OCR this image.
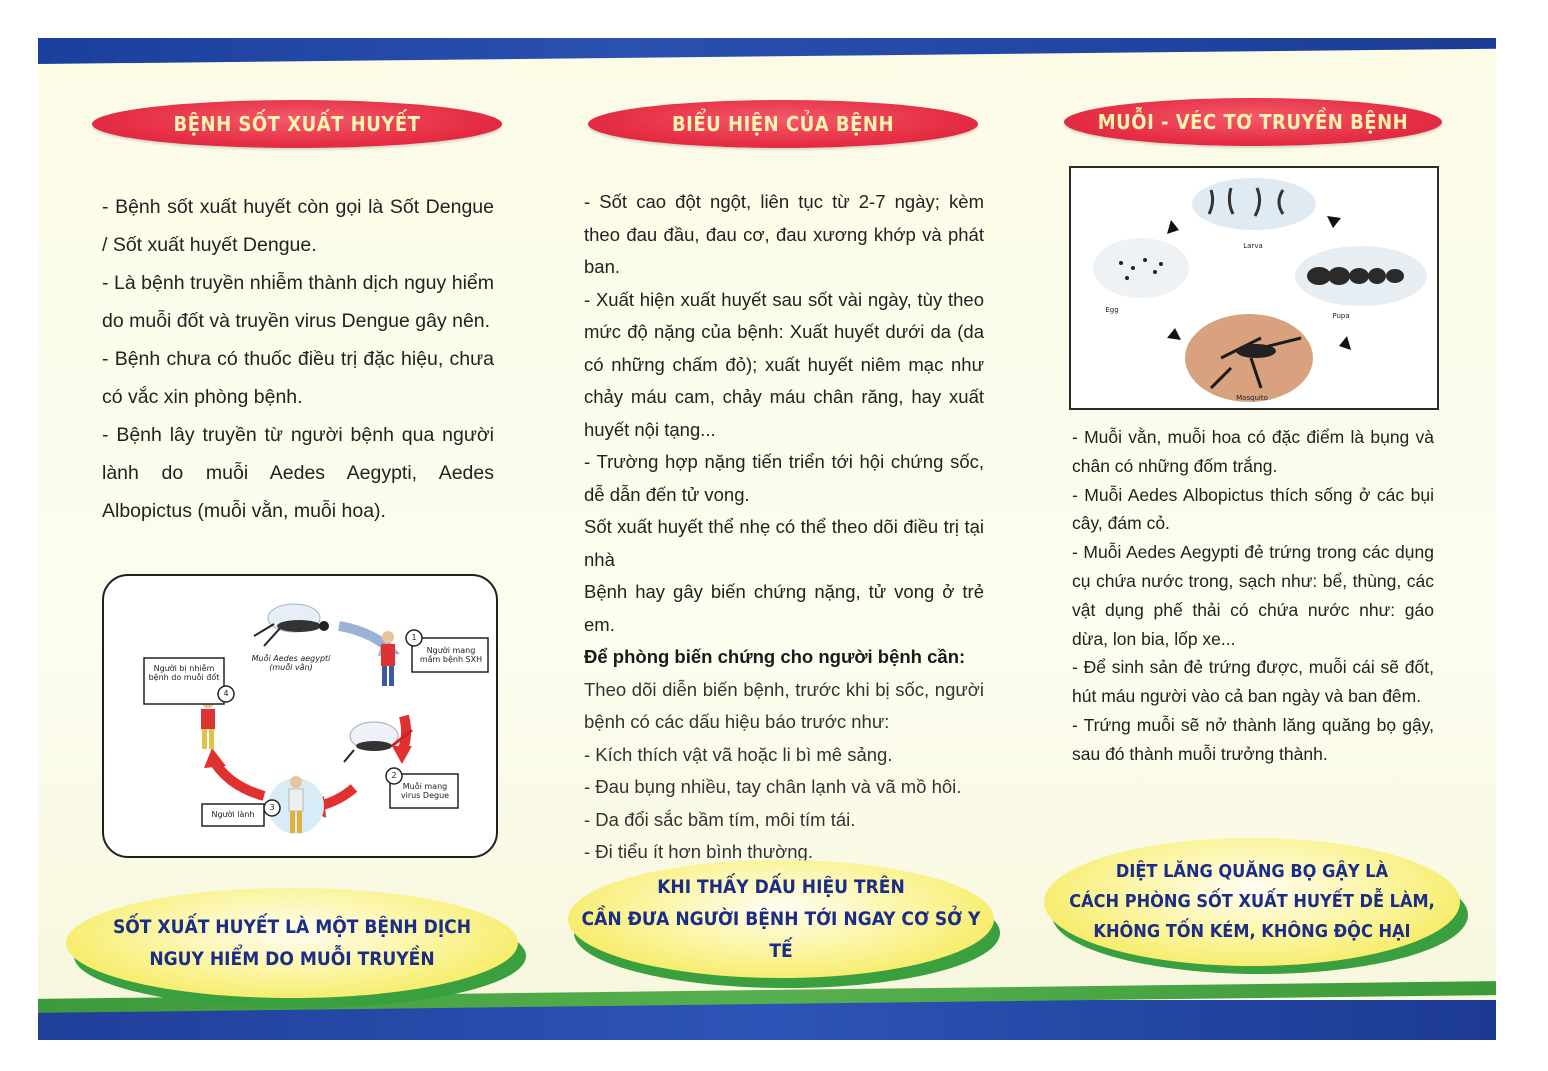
BỆNH SỐT XUẤT HUYẾT

- Bệnh sốt xuất huyết còn gọi là Sốt Dengue / Sốt xuất huyết Dengue.

- Là bệnh truyền nhiễm thành dịch nguy hiểm do muỗi đốt và truyền virus Dengue gây nên.

- Bệnh chưa có thuốc điều trị đặc hiệu, chưa có vắc xin phòng bệnh.

- Bệnh lây truyền từ người bệnh qua người lành do muỗi Aedes Aegypti, Aedes Albopictus (muỗi vằn, muỗi hoa).

Muỗi Aedes aegypti (muỗi vằn)
Người mang mầm bệnh SXH
Muỗi mang virus Degue
Người lành
Người bị nhiễm bệnh do muỗi đốt
1
2
3
4
SỐT XUẤT HUYẾT LÀ MỘT BỆNH DỊCH
NGUY HIỂM DO MUỖI TRUYỀN
BIỂU HIỆN CỦA BỆNH

- Sốt cao đột ngột, liên tục từ 2-7 ngày; kèm theo đau đầu, đau cơ, đau xương khớp và phát ban.

- Xuất hiện xuất huyết sau sốt vài ngày, tùy theo mức độ nặng của bệnh: Xuất huyết dưới da (da có những chấm đỏ); xuất huyết niêm mạc như chảy máu cam, chảy máu chân răng, hay xuất huyết nội tạng...

- Trường hợp nặng tiến triển tới hội chứng sốc, dễ dẫn đến tử vong.

Sốt xuất huyết thể nhẹ có thể theo dõi điều trị tại nhà

Bệnh hay gây biến chứng nặng, tử vong ở trẻ em.

Để phòng biến chứng cho người bệnh cần:

Theo dõi diễn biến bệnh, trước khi bị sốc, người bệnh có các dấu hiệu báo trước như:

- Kích thích vật vã hoặc li bì mê sảng.

- Đau bụng nhiều, tay chân lạnh và vã mồ hôi.

- Da đổi sắc bầm tím, môi tím tái.

- Đi tiểu ít hơn bình thường.

KHI THẤY DẤU HIỆU TRÊN
CẦN ĐƯA NGƯỜI BỆNH TỚI NGAY CƠ SỞ Y TẾ
MUỖI - VÉC TƠ TRUYỀN BỆNH
Larva
Egg
Pupa
Mosquito

- Muỗi vằn, muỗi hoa có đặc điểm là bụng và chân có những đốm trắng.

- Muỗi Aedes Albopictus thích sống ở các bụi cây, đám cỏ.

- Muỗi Aedes Aegypti đẻ trứng trong các dụng cụ chứa nước trong, sạch như: bể, thùng, các vật dụng phế thải có chứa nước như: gáo dừa, lon bia, lốp xe...

- Để sinh sản đẻ trứng được, muỗi cái sẽ đốt, hút máu người vào cả ban ngày và ban đêm.

- Trứng muỗi sẽ nở thành lăng quăng bọ gậy, sau đó thành muỗi trưởng thành.

DIỆT LĂNG QUĂNG BỌ GẬY LÀ
CÁCH PHÒNG SỐT XUẤT HUYẾT DỄ LÀM,
KHÔNG TỐN KÉM, KHÔNG ĐỘC HẠI
